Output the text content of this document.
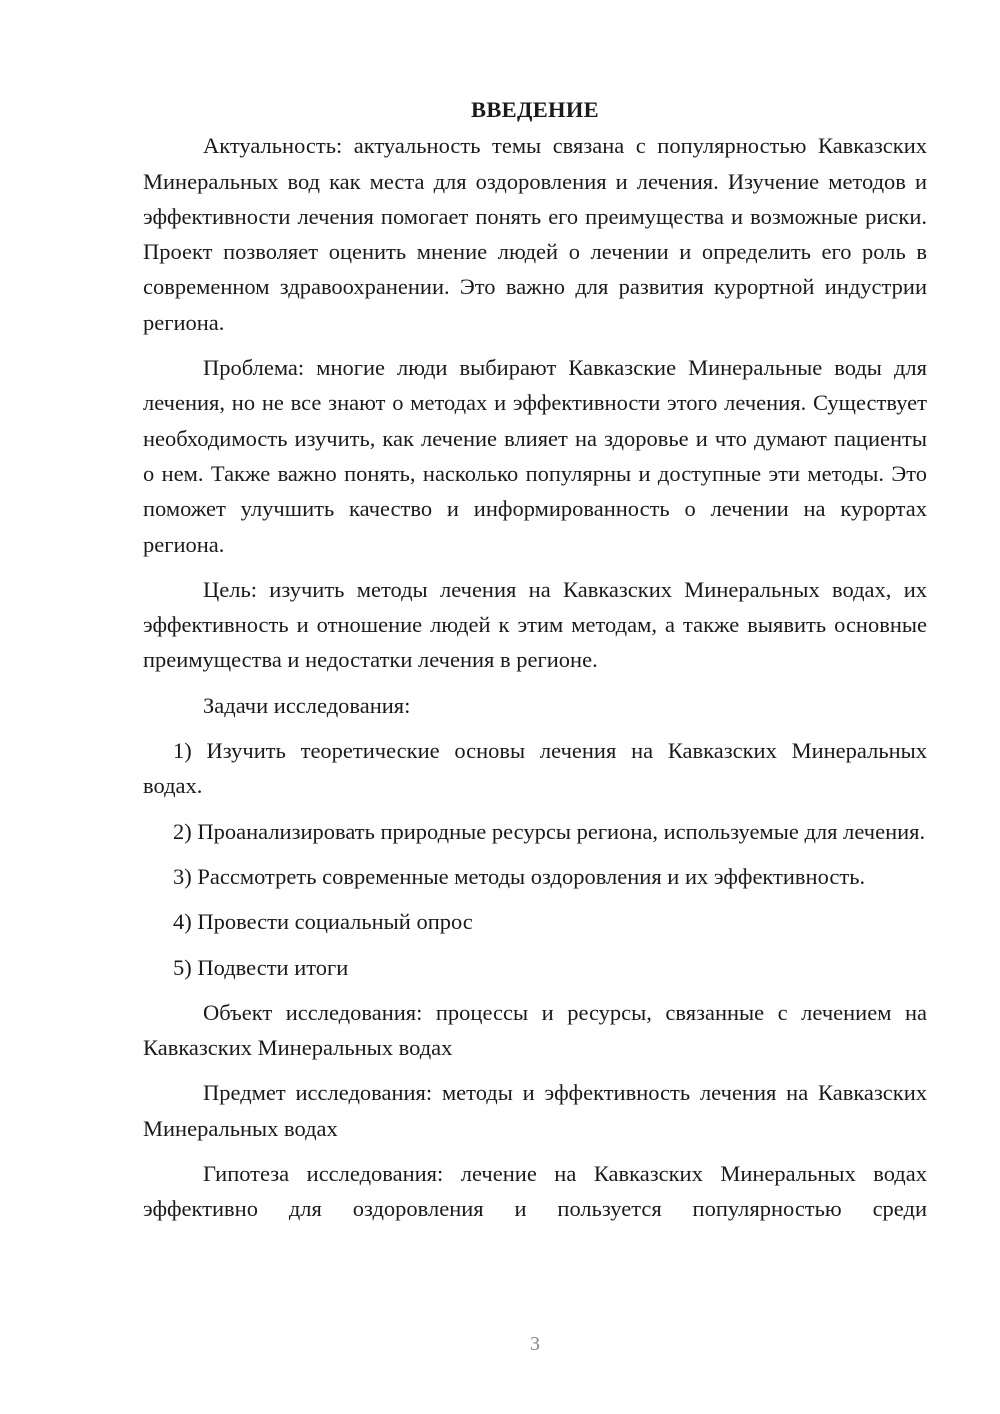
ВВЕДЕНИЕ

Актуальность: актуальность темы связана с популярностью Кавказских Минеральных вод как места для оздоровления и лечения. Изучение методов и эффективности лечения помогает понять его преимущества и возможные риски. Проект позволяет оценить мнение людей о лечении и определить его роль в современном здравоохранении. Это важно для развития курортной индустрии региона.

Проблема: многие люди выбирают Кавказские Минеральные воды для лечения, но не все знают о методах и эффективности этого лечения. Существует необходимость изучить, как лечение влияет на здоровье и что думают пациенты о нем. Также важно понять, насколько популярны и доступные эти методы. Это поможет улучшить качество и информированность о лечении на курортах региона.

Цель: изучить методы лечения на Кавказских Минеральных водах, их эффективность и отношение людей к этим методам, а также выявить основные преимущества и недостатки лечения в регионе.

Задачи исследования:

1) Изучить теоретические основы лечения на Кавказских Минеральных водах.

2) Проанализировать природные ресурсы региона, используемые для лечения.

3) Рассмотреть современные методы оздоровления и их эффективность.

4) Провести социальный опрос

5) Подвести итоги

Объект исследования: процессы и ресурсы, связанные с лечением на Кавказских Минеральных водах

Предмет исследования: методы и эффективность лечения на Кавказских Минеральных водах

Гипотеза исследования: лечение на Кавказских Минеральных водах эффективно для оздоровления и пользуется популярностью среди

3
